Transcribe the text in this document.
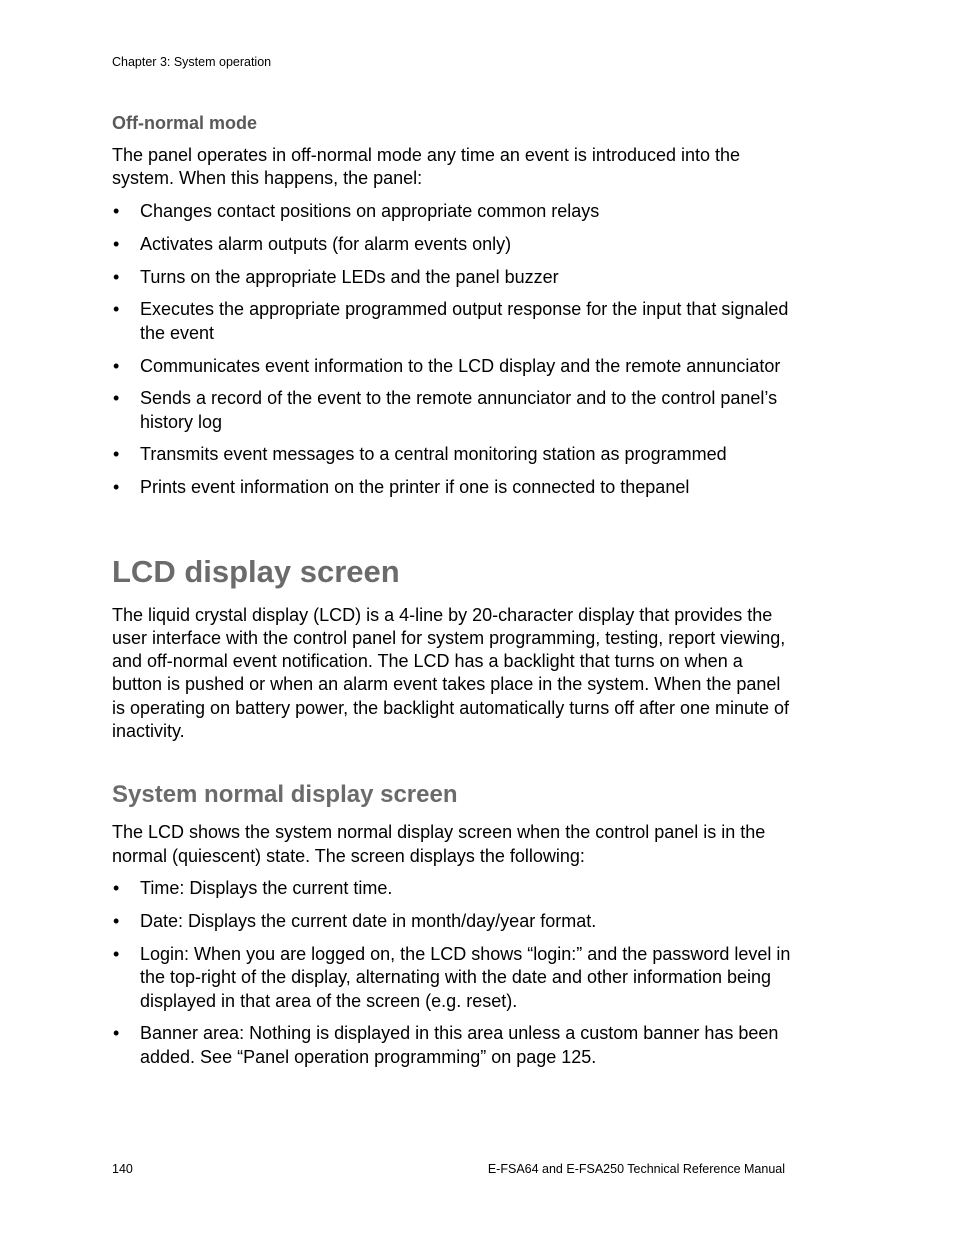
Chapter 3: System operation
Off-normal mode

The panel operates in off-normal mode any time an event is introduced into the system. When this happens, the panel:

• Changes contact positions on appropriate common relays
• Activates alarm outputs (for alarm events only)
• Turns on the appropriate LEDs and the panel buzzer
• Executes the appropriate programmed output response for the input that signaled the event
• Communicates event information to the LCD display and the remote annunciator
• Sends a record of the event to the remote annunciator and to the control panel’s history log
• Transmits event messages to a central monitoring station as programmed
• Prints event information on the printer if one is connected to thepanel
LCD display screen

The liquid crystal display (LCD) is a 4-line by 20-character display that provides the user interface with the control panel for system programming, testing, report viewing, and off-normal event notification. The LCD has a backlight that turns on when a button is pushed or when an alarm event takes place in the system. When the panel is operating on battery power, the backlight automatically turns off after one minute of inactivity.

System normal display screen

The LCD shows the system normal display screen when the control panel is in the normal (quiescent) state. The screen displays the following:

• Time: Displays the current time.
• Date: Displays the current date in month/day/year format.
• Login: When you are logged on, the LCD shows “login:” and the password level in the top-right of the display, alternating with the date and other information being displayed in that area of the screen (e.g. reset).
• Banner area: Nothing is displayed in this area unless a custom banner has been added. See “Panel operation programming” on page 125.
140	E-FSA64 and E-FSA250 Technical Reference Manual
